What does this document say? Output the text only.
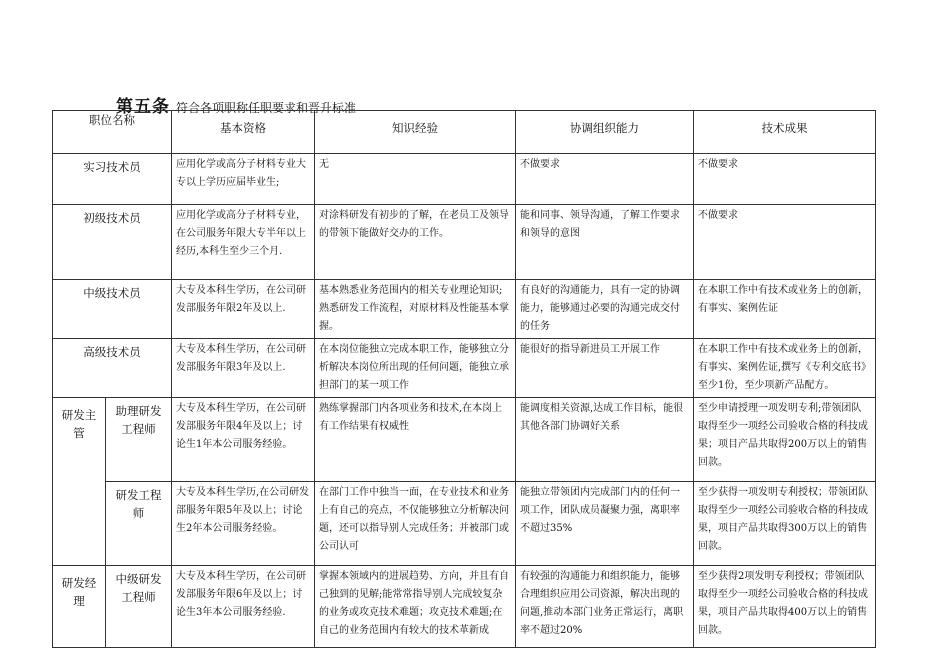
第五条 符合各项职称任职要求和晋升标准
职位名称		基本资格	知识经验	协调组织能力	技术成果
实习技术员		应用化学或高分子材料专业大专以上学历应届毕业生;	无	不做要求	不做要求
初级技术员		应用化学或高分子材料专业，在公司服务年限大专半年以上经历,本科生至少三个月.	对涂料研发有初步的了解，在老员工及领导的带领下能做好交办的工作。	能和同事、领导沟通，了解工作要求和领导的意图	不做要求
中级技术员		大专及本科生学历，在公司研发部服务年限2年及以上.	基本熟悉业务范围内的相关专业理论知识;熟悉研发工作流程，对原材料及性能基本掌握。	有良好的沟通能力，具有一定的协调能力，能够通过必要的沟通完成交付的任务	在本职工作中有技术或业务上的创新，有事实、案例佐证
高级技术员		大专及本科生学历，在公司研发部服务年限3年及以上.	在本岗位能独立完成本职工作，能够独立分析解决本岗位所出现的任何问题，能独立承担部门的某一项工作	能很好的指导新进员工开展工作	在本职工作中有技术或业务上的创新，有事实、案例佐证,撰写《专利交底书》至少1份，至少项新产品配方。
研发主管	助理研发工程师	大专及本科生学历，在公司研发部服务年限4年及以上；讨论生1年本公司服务经验。	熟练掌握部门内各项业务和技术,在本岗上有工作结果有权威性	能调度相关资源,达成工作目标，能很其他各部门协调好关系	至少申请授理一项发明专利;带领团队取得至少一项经公司验收合格的科技成果；项目产品共取得200万以上的销售回款。
	研发工程师	大专及本科生学历,在公司研发部服务年限5年及以上；讨论生2年本公司服务经验。	在部门工作中独当一面，在专业技术和业务上有自己的亮点，不仅能够独立分析解决问题，还可以指导别人完成任务；并被部门或公司认可	能独立带领团内完成部门内的任何一项工作，团队成员凝聚力强，离职率不超过35%	至少获得一项发明专利授权；带领团队取得至少一项经公司验收合格的科技成果，项目产品共取得300万以上的销售回款。
研发经理	中级研发工程师	大专及本科生学历，在公司研发部服务年限6年及以上；讨论生3年本公司服务经验.	掌握本领域内的进展趋势、方向，并且有自己独到的见解;能常常指导别人完成较复杂的业务或攻克技术难题；攻克技术难题;在自己的业务范围内有较大的技术革新成	有较强的沟通能力和组织能力，能够合理组织应用公司资源，解决出现的问题,推动本部门业务正常运行，离职率不超过20%	至少获得2项发明专利授权；带领团队取得至少一项经公司验收合格的科技成果，项目产品共取得400万以上的销售回款。
